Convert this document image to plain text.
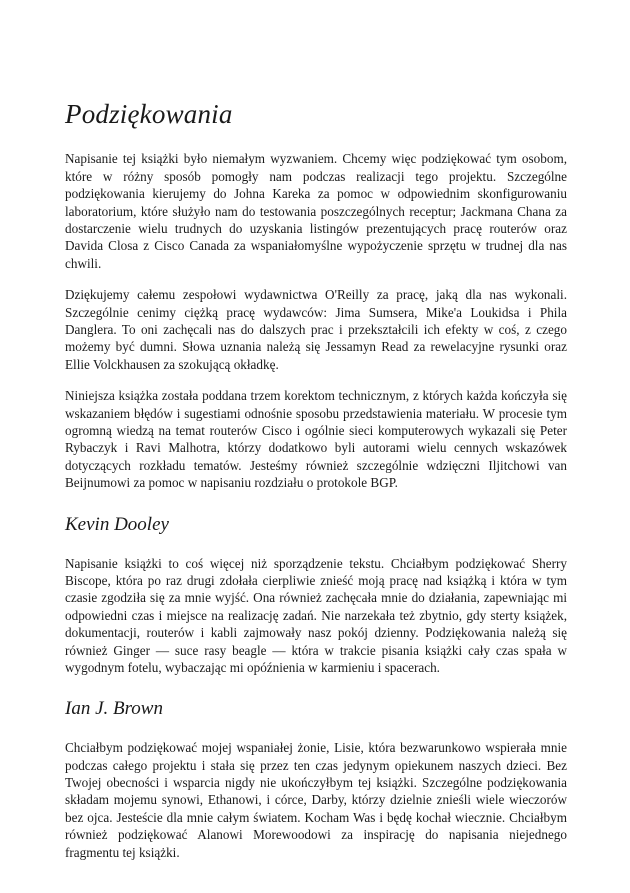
Podziękowania

Napisanie tej książki było niemałym wyzwaniem. Chcemy więc podziękować tym osobom, które w różny sposób pomogły nam podczas realizacji tego projektu. Szczególne podziękowania kierujemy do Johna Kareka za pomoc w odpowiednim skonfigurowaniu laboratorium, które służyło nam do testowania poszczególnych receptur; Jackmana Chana za dostarczenie wielu trudnych do uzyskania listingów prezentujących pracę routerów oraz Davida Closa z Cisco Canada za wspaniałomyślne wypożyczenie sprzętu w trudnej dla nas chwili.

Dziękujemy całemu zespołowi wydawnictwa O'Reilly za pracę, jaką dla nas wykonali. Szczególnie cenimy ciężką pracę wydawców: Jima Sumsera, Mike'a Loukidsa i Phila Danglera. To oni zachęcali nas do dalszych prac i przekształcili ich efekty w coś, z czego możemy być dumni. Słowa uznania należą się Jessamyn Read za rewelacyjne rysunki oraz Ellie Volckhausen za szokującą okładkę.

Niniejsza książka została poddana trzem korektom technicznym, z których każda kończyła się wskazaniem błędów i sugestiami odnośnie sposobu przedstawienia materiału. W procesie tym ogromną wiedzą na temat routerów Cisco i ogólnie sieci komputerowych wykazali się Peter Rybaczyk i Ravi Malhotra, którzy dodatkowo byli autorami wielu cennych wskazówek dotyczących rozkładu tematów. Jesteśmy również szczególnie wdzięczni Iljitchowi van Beijnumowi za pomoc w napisaniu rozdziału o protokole BGP.

Kevin Dooley

Napisanie książki to coś więcej niż sporządzenie tekstu. Chciałbym podziękować Sherry Biscope, która po raz drugi zdołała cierpliwie znieść moją pracę nad książką i która w tym czasie zgodziła się za mnie wyjść. Ona również zachęcała mnie do działania, zapewniając mi odpowiedni czas i miejsce na realizację zadań. Nie narzekała też zbytnio, gdy sterty książek, dokumentacji, routerów i kabli zajmowały nasz pokój dzienny. Podziękowania należą się również Ginger — suce rasy beagle — która w trakcie pisania książki cały czas spała w wygodnym fotelu, wybaczając mi opóźnienia w karmieniu i spacerach.

Ian J. Brown

Chciałbym podziękować mojej wspaniałej żonie, Lisie, która bezwarunkowo wspierała mnie podczas całego projektu i stała się przez ten czas jedynym opiekunem naszych dzieci. Bez Twojej obecności i wsparcia nigdy nie ukończyłbym tej książki. Szczególne podziękowania składam mojemu synowi, Ethanowi, i córce, Darby, którzy dzielnie znieśli wiele wieczorów bez ojca. Jesteście dla mnie całym światem. Kocham Was i będę kochał wiecznie. Chciałbym również podziękować Alanowi Morewoodowi za inspirację do napisania niejednego fragmentu tej książki.
